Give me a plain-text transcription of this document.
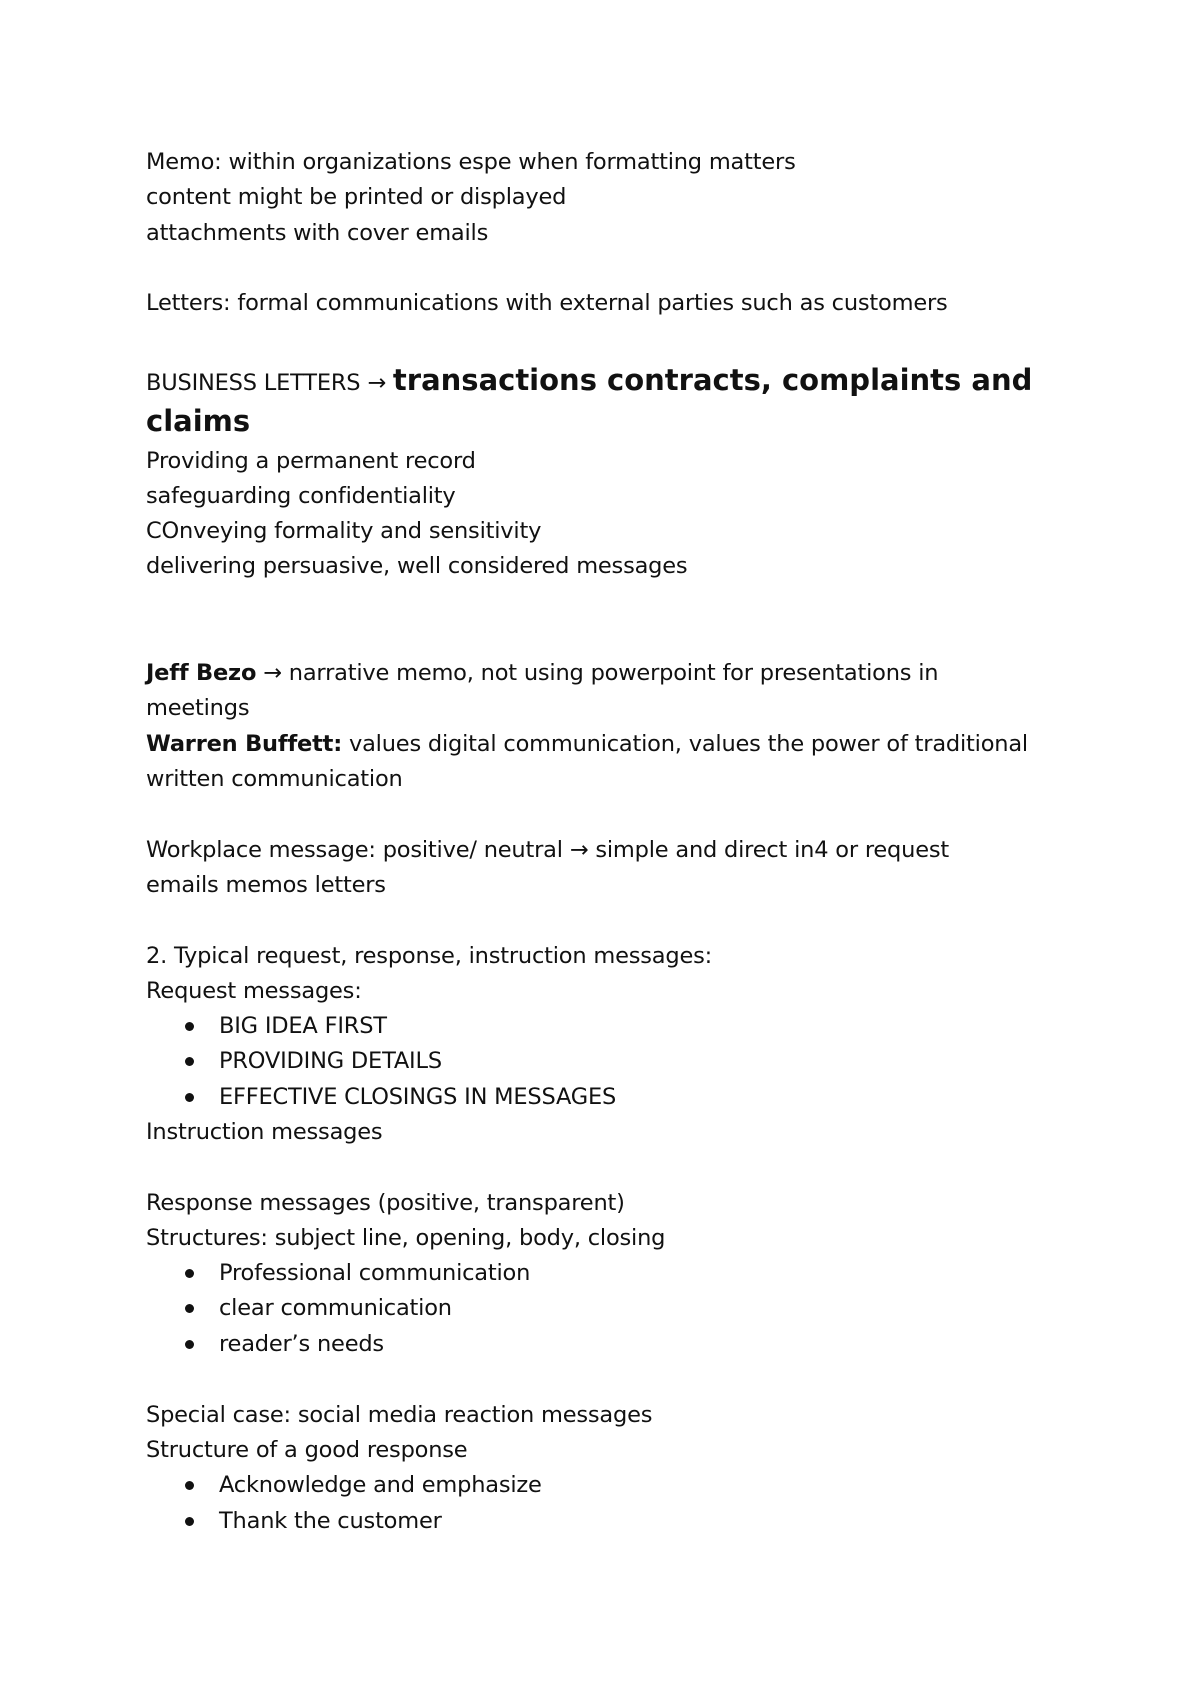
Memo: within organizations espe when formatting matters
content might be printed or displayed
attachments with cover emails
Letters: formal communications with external parties such as customers
BUSINESS LETTERS → transactions contracts, complaints and
claims
Providing a permanent record
safeguarding confidentiality
COnveying formality and sensitivity
delivering persuasive, well considered messages
Jeff Bezo → narrative memo, not using powerpoint for presentations in
meetings
Warren Buffett: values digital communication, values the power of traditional
written communication
Workplace message: positive/ neutral → simple and direct in4 or request
emails memos letters
2. Typical request, response, instruction messages:
Request messages:
BIG IDEA FIRST
PROVIDING DETAILS
EFFECTIVE CLOSINGS IN MESSAGES
Instruction messages
Response messages (positive, transparent)
Structures: subject line, opening, body, closing
Professional communication
clear communication
reader’s needs
Special case: social media reaction messages
Structure of a good response
Acknowledge and emphasize
Thank the customer
